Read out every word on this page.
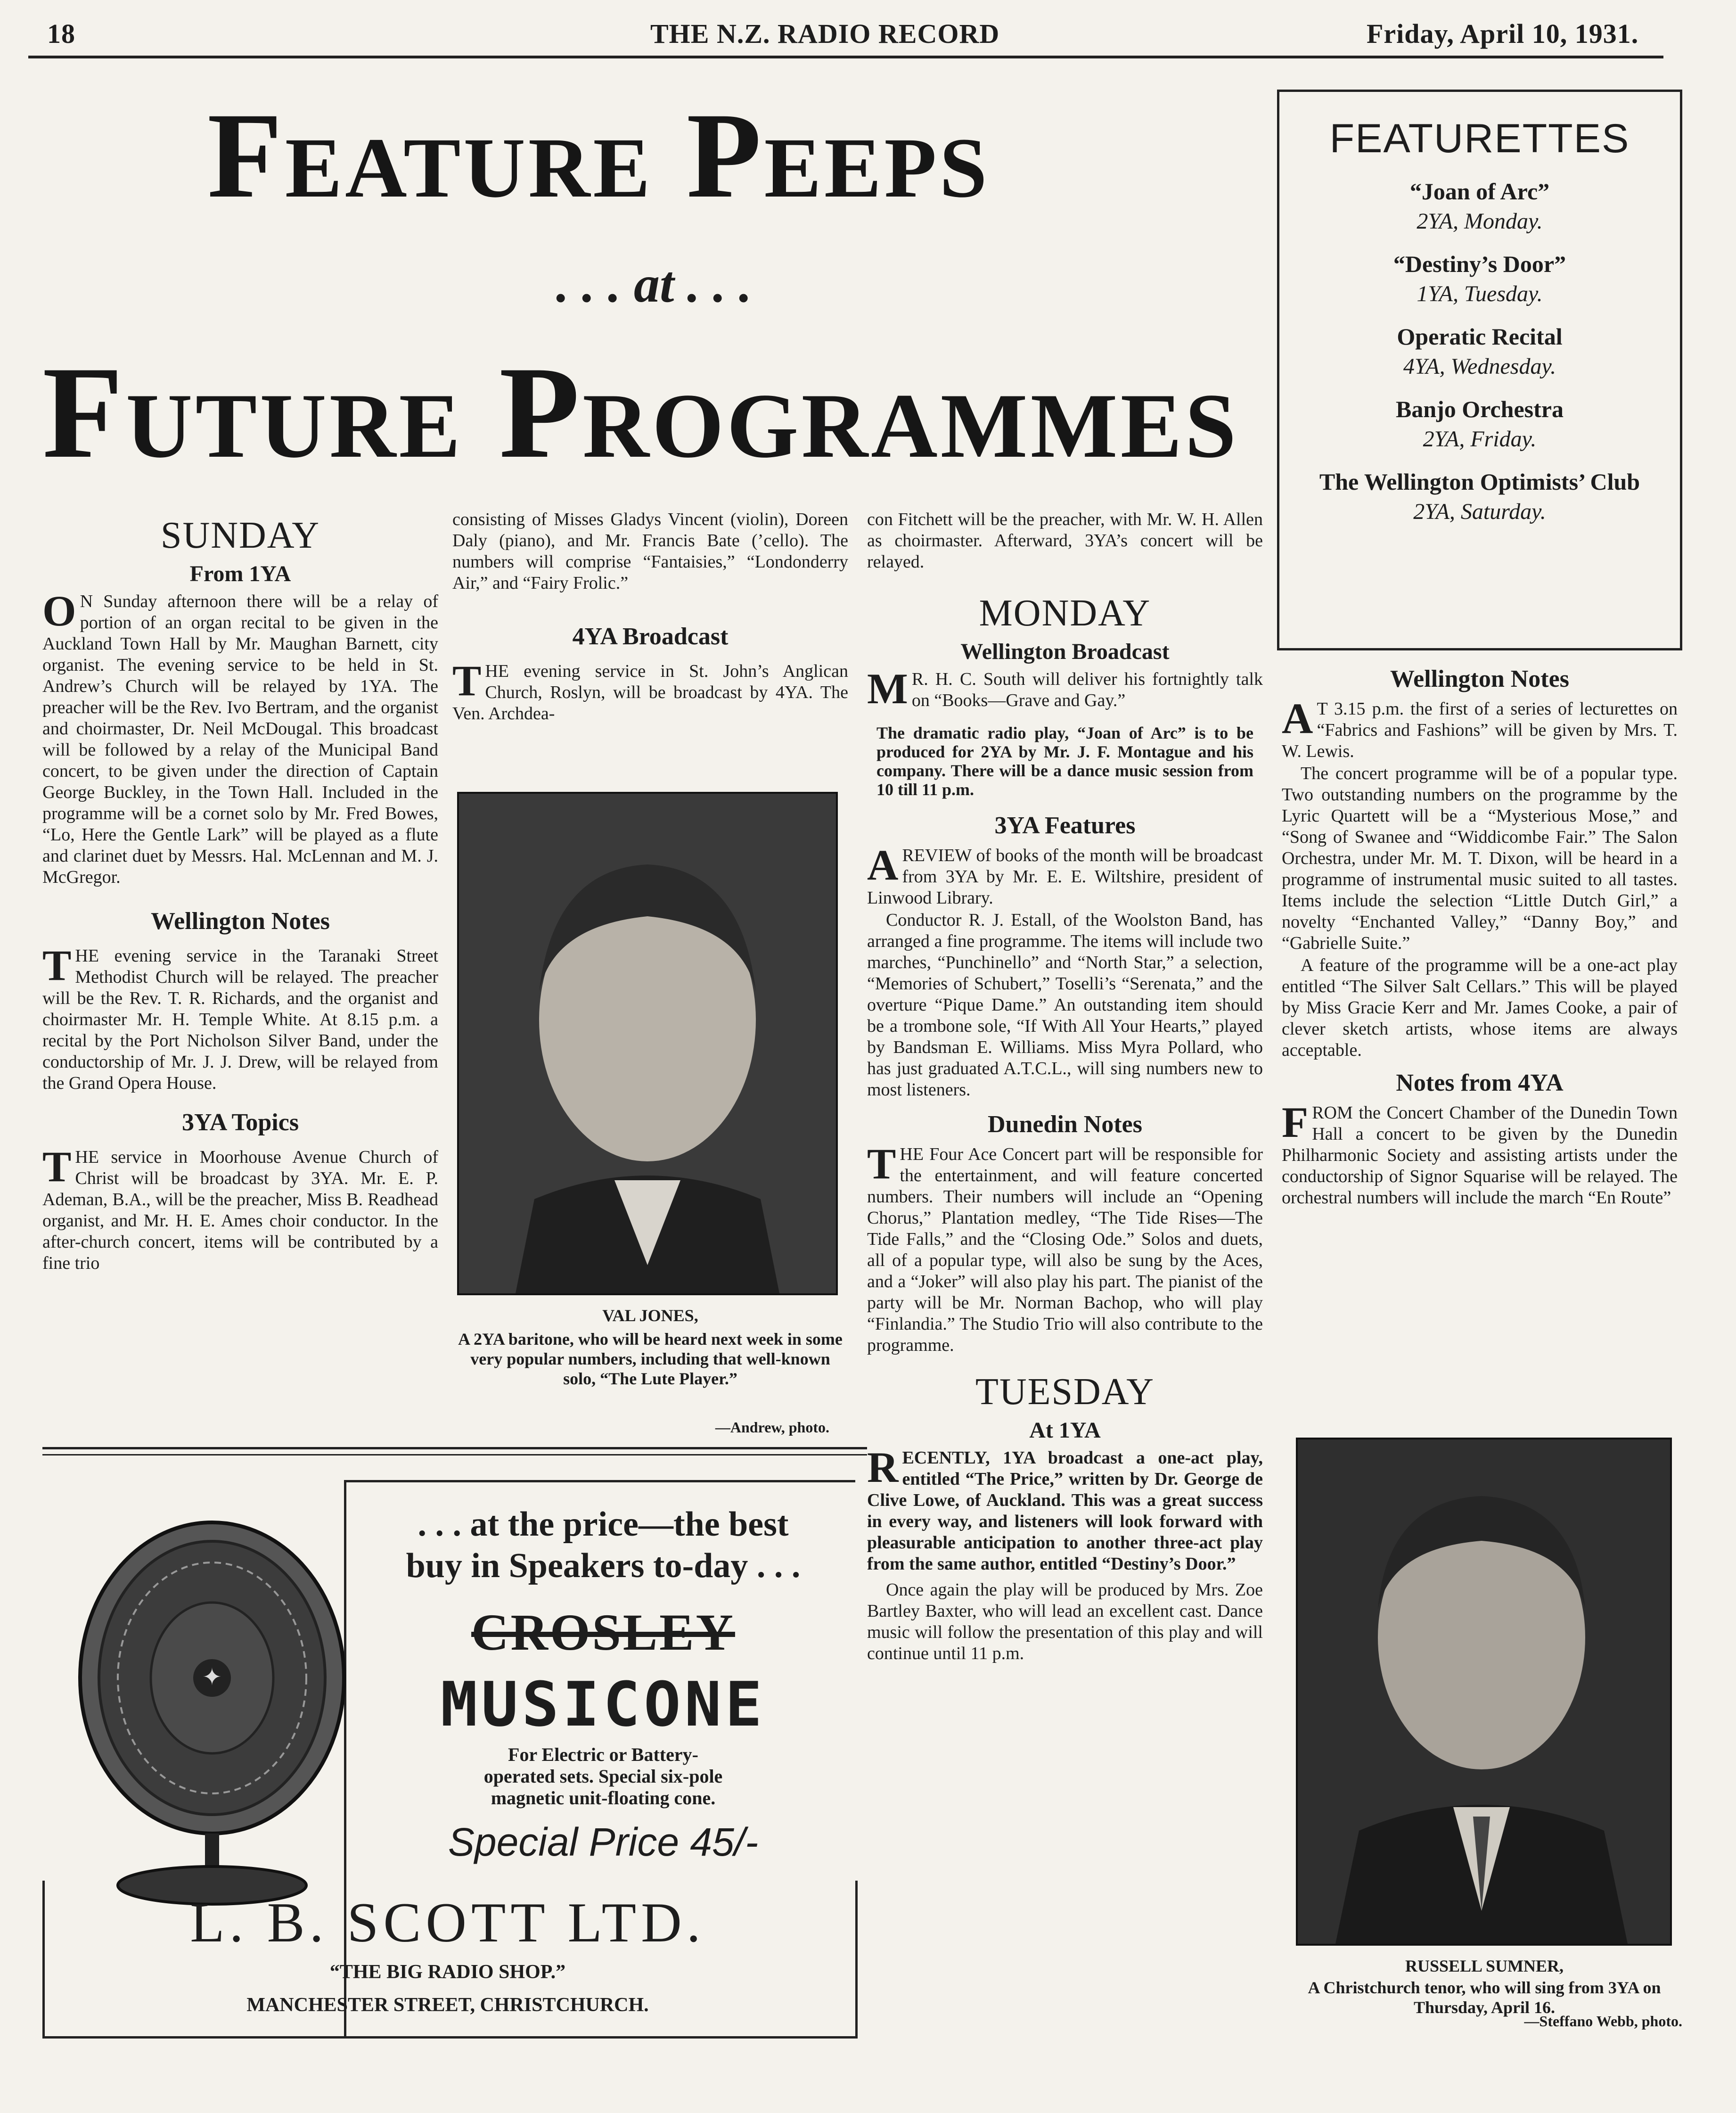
18	THE N.Z. RADIO RECORD	Friday, April 10, 1931.
Feature Peeps
. . . at . . .
Future Programmes
FEATURETTES
“Joan of Arc”
2YA, Monday.
“Destiny’s Door”
1YA, Tuesday.
Operatic Recital
4YA, Wednesday.
Banjo Orchestra
2YA, Friday.
The Wellington Optimists’ Club
2YA, Saturday.
SUNDAY
From 1YA

O N Sunday afternoon there will be a relay of portion of an organ recital to be given in the Auckland Town Hall by Mr. Maughan Barnett, city organist. The evening service to be held in St. Andrew’s Church will be relayed by 1YA. The preacher will be the Rev. Ivo Bertram, and the organist and choirmaster, Dr. Neil McDougal. This broadcast will be followed by a relay of the Municipal Band concert, to be given under the direction of Captain George Buckley, in the Town Hall. Included in the programme will be a cornet solo by Mr. Fred Bowes, “Lo, Here the Gentle Lark” will be played as a flute and clarinet duet by Messrs. Hal. McLennan and M. J. McGregor.

Wellington Notes

THE evening service in the Taranaki Street Methodist Church will be relayed. The preacher will be the Rev. T. R. Richards, and the organist and choirmaster Mr. H. Temple White. At 8.15 p.m. a recital by the Port Nicholson Silver Band, under the conductorship of Mr. J. J. Drew, will be relayed from the Grand Opera House.

3YA Topics

THE service in Moorhouse Avenue Church of Christ will be broadcast by 3YA. Mr. E. P. Ademan, B.A., will be the preacher, Miss B. Readhead organist, and Mr. H. E. Ames choir conductor. In the after-church concert, items will be contributed by a fine trio

consisting of Misses Gladys Vincent (violin), Doreen Daly (piano), and Mr. Francis Bate (’cello). The numbers will comprise “Fantaisies,” “Londonderry Air,” and “Fairy Frolic.”

4YA Broadcast

THE evening service in St. John’s Anglican Church, Roslyn, will be broadcast by 4YA. The Ven. Archdea-

VAL JONES,
A 2YA baritone, who will be heard next week in some very popular numbers, including that well-known solo, “The Lute Player.”
—Andrew, photo.

con Fitchett will be the preacher, with Mr. W. H. Allen as choirmaster. Afterward, 3YA’s concert will be relayed.

MONDAY
Wellington Broadcast

M R. H. C. South will deliver his fortnightly talk on “Books—Grave and Gay.”

The dramatic radio play, “Joan of Arc” is to be produced for 2YA by Mr. J. F. Montague and his company. There will be a dance music session from 10 till 11 p.m.

3YA Features

A REVIEW of books of the month will be broadcast from 3YA by Mr. E. E. Wiltshire, president of Linwood Library.

Conductor R. J. Estall, of the Woolston Band, has arranged a fine programme. The items will include two marches, “Punchinello” and “North Star,” a selection, “Memories of Schubert,” Toselli’s “Serenata,” and the overture “Pique Dame.” An outstanding item should be a trombone sole, “If With All Your Hearts,” played by Bandsman E. Williams. Miss Myra Pollard, who has just graduated A.T.C.L., will sing numbers new to most listeners.

Dunedin Notes

THE Four Ace Concert part will be responsible for the entertainment, and will feature concerted numbers. Their numbers will include an “Opening Chorus,” Plantation medley, “The Tide Rises—The Tide Falls,” and the “Closing Ode.” Solos and duets, all of a popular type, will also be sung by the Aces, and a “Joker” will also play his part. The pianist of the party will be Mr. Norman Bachop, who will play “Finlandia.” The Studio Trio will also contribute to the programme.

TUESDAY
At 1YA

RECENTLY, 1YA broadcast a one-act play, entitled “The Price,” written by Dr. George de Clive Lowe, of Auckland. This was a great success in every way, and listeners will look forward with pleasurable anticipation to another three-act play from the same author, entitled “Destiny’s Door.”

Once again the play will be produced by Mrs. Zoe Bartley Baxter, who will lead an excellent cast. Dance music will follow the presentation of this play and will continue until 11 p.m.

Wellington Notes

A T 3.15 p.m. the first of a series of lecturettes on “Fabrics and Fashions” will be given by Mrs. T. W. Lewis.

The concert programme will be of a popular type. Two outstanding numbers on the programme by the Lyric Quartett will be a “Mysterious Mose,” and “Song of Swanee and “Widdicombe Fair.” The Salon Orchestra, under Mr. M. T. Dixon, will be heard in a programme of instrumental music suited to all tastes. Items include the selection “Little Dutch Girl,” a novelty “Enchanted Valley,” “Danny Boy,” and “Gabrielle Suite.”

A feature of the programme will be a one-act play entitled “The Silver Salt Cellars.” This will be played by Miss Gracie Kerr and Mr. James Cooke, a pair of clever sketch artists, whose items are always acceptable.

Notes from 4YA

FROM the Concert Chamber of the Dunedin Town Hall a concert to be given by the Dunedin Philharmonic Society and assisting artists under the conductorship of Signor Squarise will be relayed. The orchestral numbers will include the march “En Route”

RUSSELL SUMNER,
A Christchurch tenor, who will sing from 3YA on Thursday, April 16.
—Steffano Webb, photo.
✦
. . . at the price—the best
buy in Speakers to-day . . .
CROSLEY
MUSICONE
For Electric or Battery-
operated sets. Special six-pole
magnetic unit-floating cone.
Special Price 45/-
L. B. SCOTT LTD.
“THE BIG RADIO SHOP.”
MANCHESTER STREET, CHRISTCHURCH.
